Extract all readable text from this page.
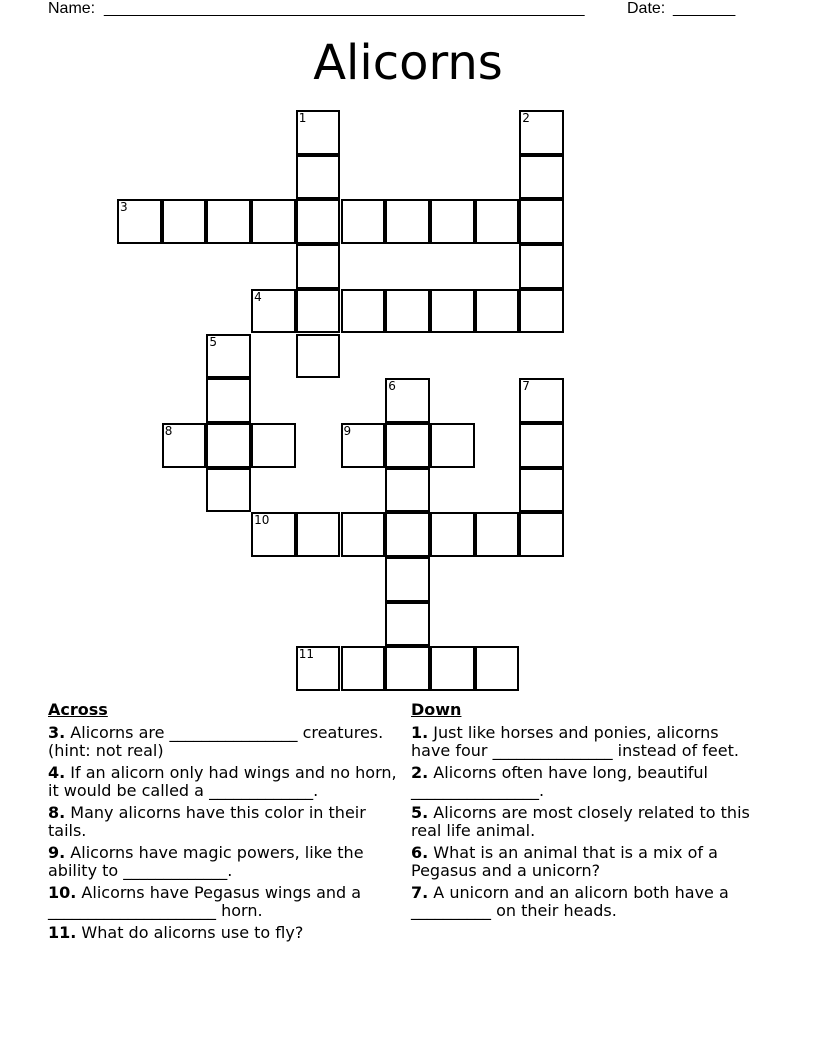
Name: ______________________________________________________	Date: _______
Alicorns
1	2
3
4
5
6	7
8	9
10
11
Across
3. Alicorns are ________________ creatures. (hint: not real)
4. If an alicorn only had wings and no horn, it would be called a _____________.
8. Many alicorns have this color in their tails.
9. Alicorns have magic powers, like the ability to _____________.
10. Alicorns have Pegasus wings and a _____________________ horn.
11. What do alicorns use to fly?
Down
1. Just like horses and ponies, alicorns have four _______________ instead of feet.
2. Alicorns often have long, beautiful ________________.
5. Alicorns are most closely related to this real life animal.
6. What is an animal that is a mix of a Pegasus and a unicorn?
7. A unicorn and an alicorn both have a __________ on their heads.
